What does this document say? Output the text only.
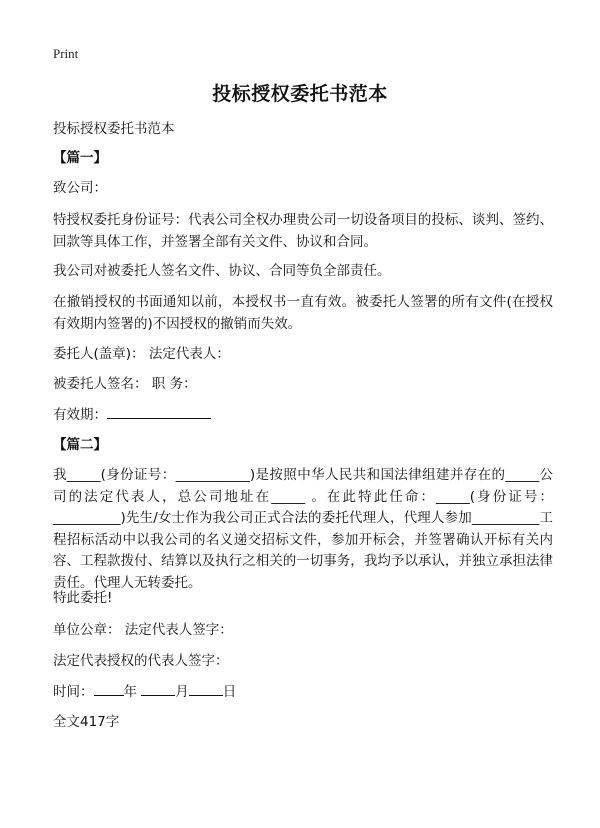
Print
投标授权委托书范本
投标授权委托书范本
【篇一】
致公司：
特授权委托身份证号：代表公司全权办理贵公司一切设备项目的投标、谈判、签约、回款等具体工作，并签署全部有关文件、协议和合同。
我公司对被委托人签名文件、协议、合同等负全部责任。
在撤销授权的书面通知以前，本授权书一直有效。被委托人签署的所有文件(在授权有效期内签署的)不因授权的撤销而失效。
委托人(盖章)： 法定代表人：
被委托人签名： 职 务：
有效期：
【篇二】
我_____(身份证号：___________)是按照中华人民共和国法律组建并存在的_____公司的法定代表人，总公司地址在_____ 。在此特此任命：_____(身份证号：__________)先生/女士作为我公司正式合法的委托代理人，代理人参加__________工程招标活动中以我公司的名义递交招标文件，参加开标会，并签署确认开标有关内容、工程款拨付、结算以及执行之相关的一切事务，我均予以承认，并独立承担法律责任。代理人无转委托。
特此委托!
单位公章： 法定代表人签字：
法定代表授权的代表人签字：
时间： 年	月	日
全文417字
